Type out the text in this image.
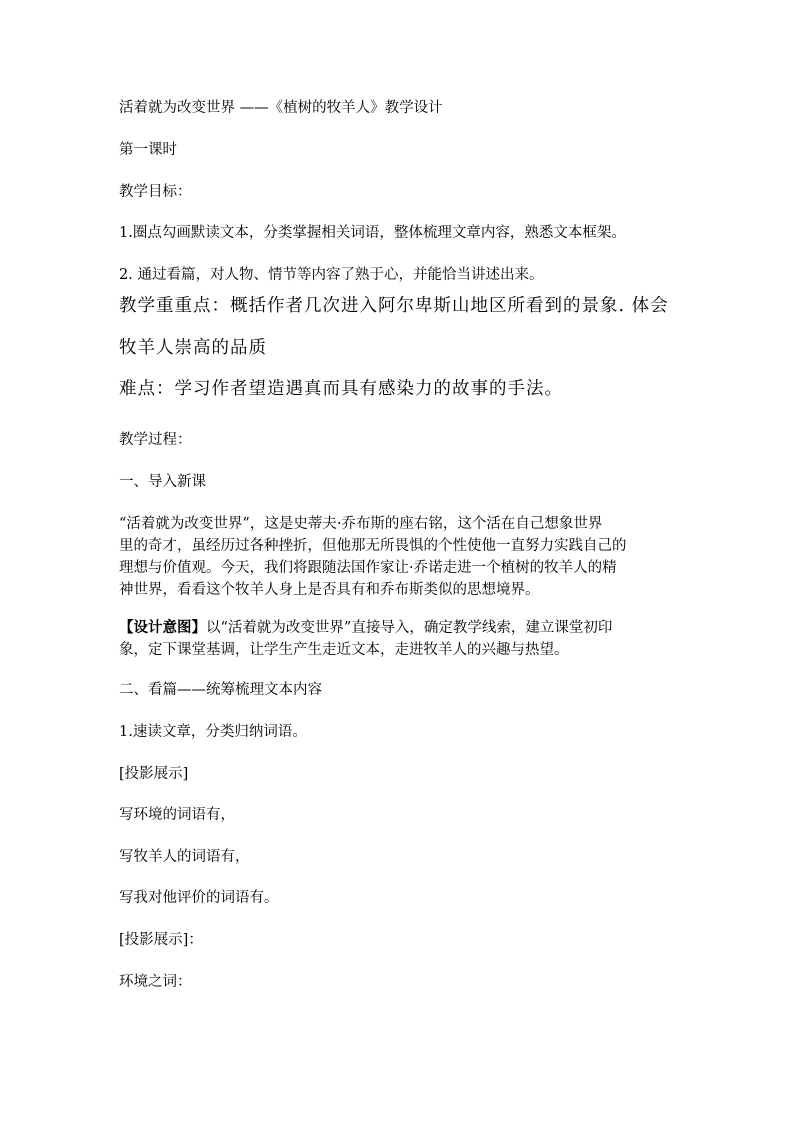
活着就为改变世界 ——《植树的牧羊人》教学设计
第一课时
教学目标：
1.圈点勾画默读文本，分类掌握相关词语，整体梳理文章内容，熟悉文本框架。
2. 通过看篇，对人物、情节等内容了熟于心，并能恰当讲述出来。
教学重重点：概括作者几次进入阿尔卑斯山地区所看到的景象. 体会
牧羊人崇高的品质
难点：学习作者望造遇真而具有感染力的故事的手法。
教学过程：
一、导入新课
“活着就为改变世界”，这是史蒂夫·乔布斯的座右铭，这个活在自己想象世界
里的奇才，虽经历过各种挫折，但他那无所畏惧的个性使他一直努力实践自己的
理想与价值观。今天，我们将跟随法国作家让·乔诺走进一个植树的牧羊人的精
神世界，看看这个牧羊人身上是否具有和乔布斯类似的思想境界。
【设计意图】以“活着就为改变世界”直接导入，确定教学线索，建立课堂初印
象，定下课堂基调，让学生产生走近文本，走进牧羊人的兴趣与热望。
二、看篇——统筹梳理文本内容
1.速读文章，分类归纳词语。
[投影展示]
写环境的词语有，
写牧羊人的词语有，
写我对他评价的词语有。
[投影展示]：
环境之词：
